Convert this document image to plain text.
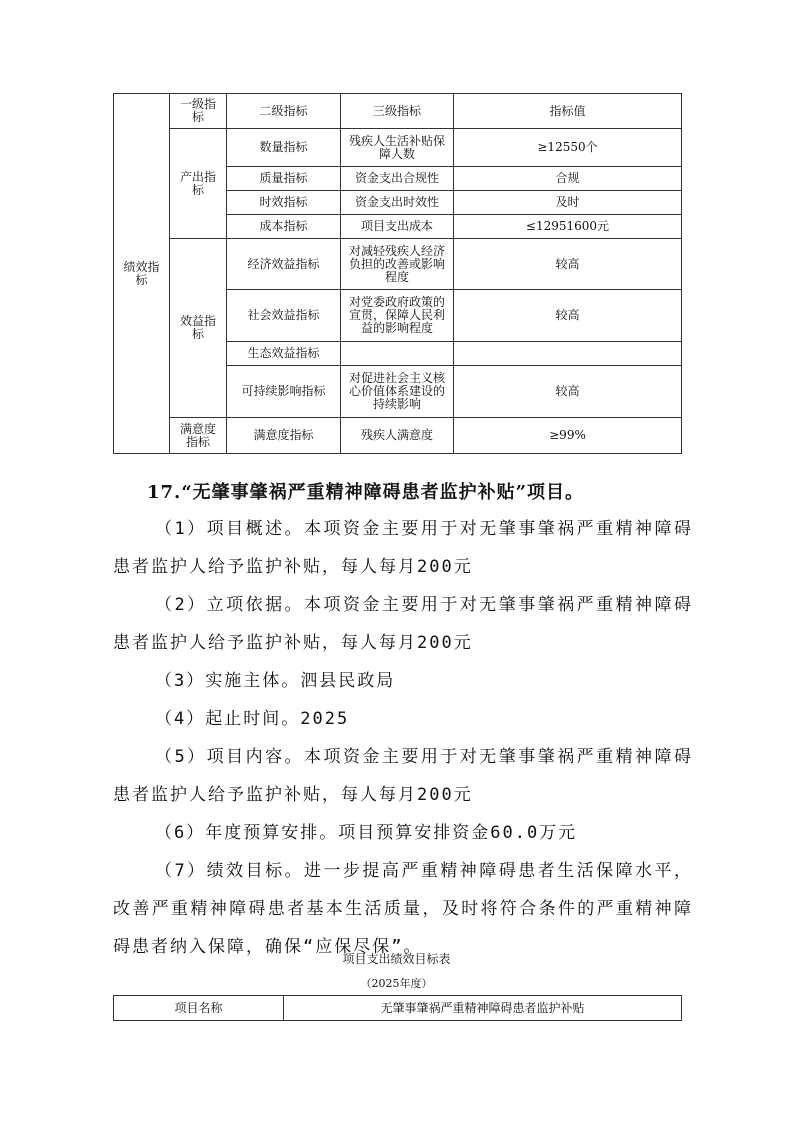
绩效指标	一级指标	二级指标	三级指标	指标值
	产出指标	数量指标	残疾人生活补贴保障人数	≥12550个
		质量指标	资金支出合规性	合规
		时效指标	资金支出时效性	及时
		成本指标	项目支出成本	≤12951600元
	效益指标	经济效益指标	对减轻残疾人经济负担的改善或影响程度	较高
		社会效益指标	对党委政府政策的宣贯，保障人民利益的影响程度	较高
		生态效益指标		
		可持续影响指标	对促进社会主义核心价值体系建设的持续影响	较高
	满意度指标	满意度指标	残疾人满意度	≥99%
17.“无肇事肇祸严重精神障碍患者监护补贴”项目。

（1）项目概述。本项资金主要用于对无肇事肇祸严重精神障碍患者监护人给予监护补贴，每人每月200元

（2）立项依据。本项资金主要用于对无肇事肇祸严重精神障碍患者监护人给予监护补贴，每人每月200元

（3）实施主体。泗县民政局

（4）起止时间。2025

（5）项目内容。本项资金主要用于对无肇事肇祸严重精神障碍患者监护人给予监护补贴，每人每月200元

（6）年度预算安排。项目预算安排资金60.0万元

（7）绩效目标。进一步提高严重精神障碍患者生活保障水平，改善严重精神障碍患者基本生活质量，及时将符合条件的严重精神障碍患者纳入保障，确保“应保尽保”。

项目支出绩效目标表

（2025年度）

项目名称	无肇事肇祸严重精神障碍患者监护补贴
